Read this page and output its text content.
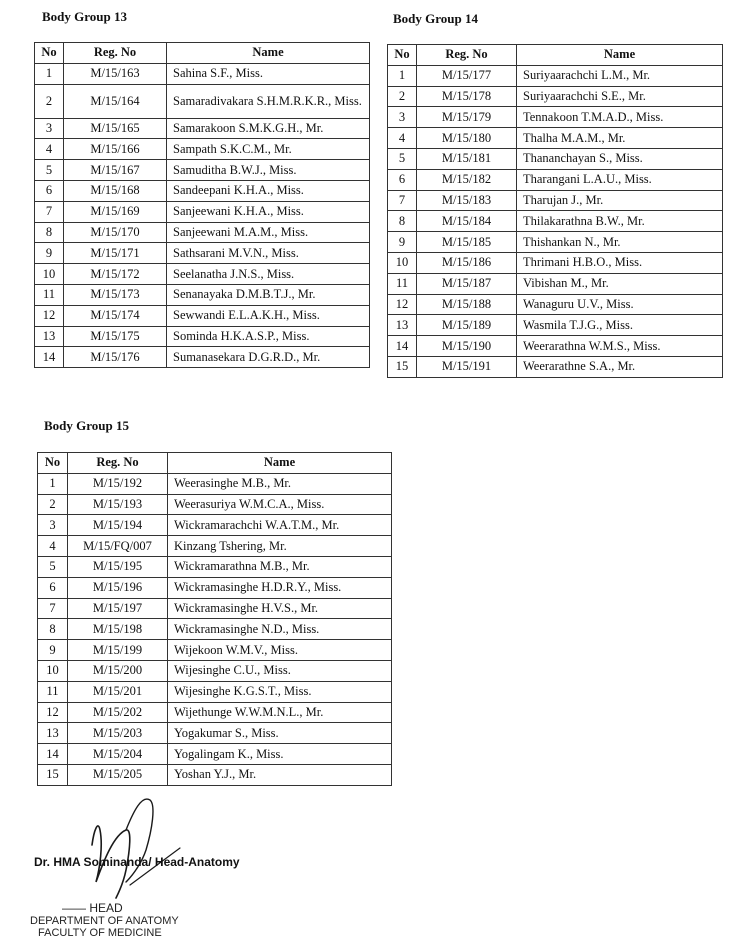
Body Group 13
No	Reg. No	Name
1	M/15/163	Sahina S.F., Miss.
2	M/15/164	Samaradivakara S.H.M.R.K.R., Miss.
3	M/15/165	Samarakoon S.M.K.G.H., Mr.
4	M/15/166	Sampath S.K.C.M., Mr.
5	M/15/167	Samuditha B.W.J., Miss.
6	M/15/168	Sandeepani K.H.A., Miss.
7	M/15/169	Sanjeewani K.H.A., Miss.
8	M/15/170	Sanjeewani M.A.M., Miss.
9	M/15/171	Sathsarani M.V.N., Miss.
10	M/15/172	Seelanatha J.N.S., Miss.
11	M/15/173	Senanayaka D.M.B.T.J., Mr.
12	M/15/174	Sewwandi E.L.A.K.H., Miss.
13	M/15/175	Sominda H.K.A.S.P., Miss.
14	M/15/176	Sumanasekara D.G.R.D., Mr.
Body Group 14
No	Reg. No	Name
1	M/15/177	Suriyaarachchi L.M., Mr.
2	M/15/178	Suriyaarachchi S.E., Mr.
3	M/15/179	Tennakoon T.M.A.D., Miss.
4	M/15/180	Thalha M.A.M., Mr.
5	M/15/181	Thananchayan S., Miss.
6	M/15/182	Tharangani L.A.U., Miss.
7	M/15/183	Tharujan J., Mr.
8	M/15/184	Thilakarathna B.W., Mr.
9	M/15/185	Thishankan N., Mr.
10	M/15/186	Thrimani H.B.O., Miss.
11	M/15/187	Vibishan M., Mr.
12	M/15/188	Wanaguru U.V., Miss.
13	M/15/189	Wasmila T.J.G., Miss.
14	M/15/190	Weerarathna W.M.S., Miss.
15	M/15/191	Weerarathne S.A., Mr.
Body Group 15
No	Reg. No	Name
1	M/15/192	Weerasinghe M.B., Mr.
2	M/15/193	Weerasuriya W.M.C.A., Miss.
3	M/15/194	Wickramarachchi W.A.T.M., Mr.
4	M/15/FQ/007	Kinzang Tshering, Mr.
5	M/15/195	Wickramarathna M.B., Mr.
6	M/15/196	Wickramasinghe H.D.R.Y., Miss.
7	M/15/197	Wickramasinghe H.V.S., Mr.
8	M/15/198	Wickramasinghe N.D., Miss.
9	M/15/199	Wijekoon W.M.V., Miss.
10	M/15/200	Wijesinghe C.U., Miss.
11	M/15/201	Wijesinghe K.G.S.T., Miss.
12	M/15/202	Wijethunge W.W.M.N.L., Mr.
13	M/15/203	Yogakumar S., Miss.
14	M/15/204	Yogalingam K., Miss.
15	M/15/205	Yoshan Y.J., Mr.
Dr. HMA Sominanda/ Head-Anatomy
—— HEAD
DEPARTMENT OF ANATOMY
FACULTY OF MEDICINE
